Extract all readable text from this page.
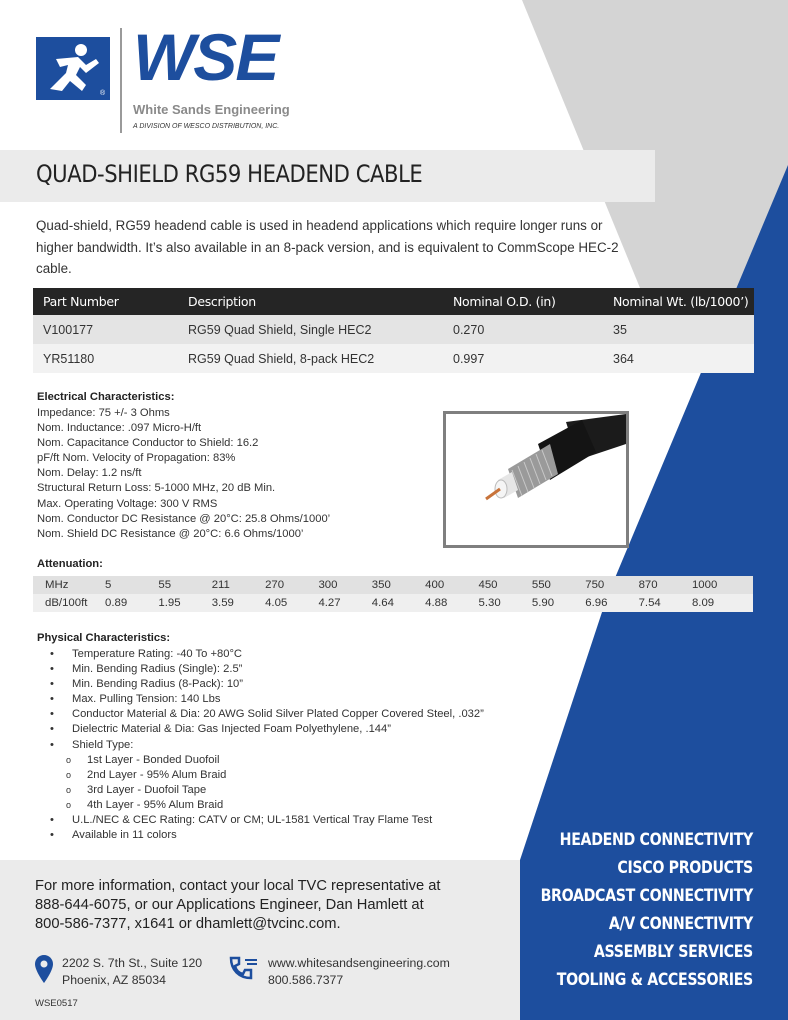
® WSE
White Sands Engineering
A DIVISION OF WESCO DISTRIBUTION, INC.
QUAD-SHIELD RG59 HEADEND CABLE

Quad-shield, RG59 headend cable is used in headend applications which require longer runs or higher bandwidth. It’s also available in an 8-pack version, and is equivalent to CommScope HEC-2 cable.

Part Number	Description	Nominal O.D. (in)	Nominal Wt. (lb/1000’)
V100177	RG59 Quad Shield, Single HEC2	0.270	35
YR51180	RG59 Quad Shield, 8-pack HEC2	0.997	364
Electrical Characteristics:
Impedance: 75 +/- 3 Ohms
Nom. Inductance: .097 Micro-H/ft
Nom. Capacitance Conductor to Shield: 16.2
pF/ft Nom. Velocity of Propagation: 83%
Nom. Delay: 1.2 ns/ft
Structural Return Loss: 5-1000 MHz, 20 dB Min.
Max. Operating Voltage: 300 V RMS
Nom. Conductor DC Resistance @ 20°C: 25.8 Ohms/1000’
Nom. Shield DC Resistance @ 20°C: 6.6 Ohms/1000’
Attenuation:
MHz	5	55	211	270	300	350	400	450	550	750	870	1000
dB/100ft	0.89	1.95	3.59	4.05	4.27	4.64	4.88	5.30	5.90	6.96	7.54	8.09
Physical Characteristics:
• Temperature Rating: -40 To +80°C
• Min. Bending Radius (Single): 2.5”
• Min. Bending Radius (8-Pack): 10”
• Max. Pulling Tension: 140 Lbs
• Conductor Material & Dia: 20 AWG Solid Silver Plated Copper Covered Steel, .032”
• Dielectric Material & Dia: Gas Injected Foam Polyethylene, .144”
• Shield Type:
o 1st Layer - Bonded Duofoil
o 2nd Layer - 95% Alum Braid
o 3rd Layer - Duofoil Tape
o 4th Layer - 95% Alum Braid
• U.L./NEC & CEC Rating: CATV or CM; UL-1581 Vertical Tray Flame Test
• Available in 11 colors	HEADEND CONNECTIVITY
CISCO PRODUCTS
BROADCAST CONNECTIVITY
A/V CONNECTIVITY
ASSEMBLY SERVICES
TOOLING & ACCESSORIES
For more information, contact your local TVC representative at
888-644-6075, or our Applications Engineer, Dan Hamlett at
800-586-7377, x1641 or dhamlett@tvcinc.com.
2202 S. 7th St., Suite 120
Phoenix, AZ 85034
www.whitesandsengineering.com
800.586.7377
WSE0517
